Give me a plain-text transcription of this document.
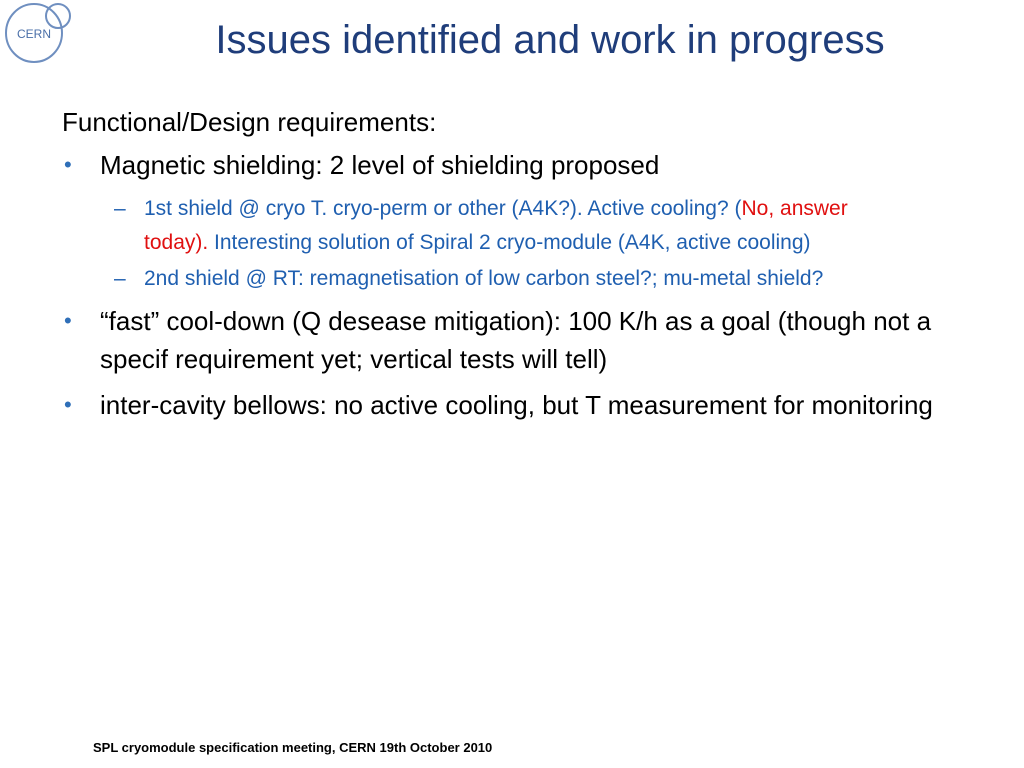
CERN	Issues identified and work in progress
Functional/Design requirements:
• Magnetic shielding: 2 level of shielding proposed
– 1st shield @ cryo T. cryo-perm or other (A4K?). Active cooling? (No, answer today). Interesting solution of Spiral 2 cryo-module (A4K, active cooling)
– 2nd shield @ RT: remagnetisation of low carbon steel?; mu-metal shield?
• “fast” cool-down (Q desease mitigation): 100 K/h as a goal (though not a specif requirement yet; vertical tests will tell)
• inter-cavity bellows: no active cooling, but T measurement for monitoring
SPL cryomodule specification meeting, CERN 19th October 2010
